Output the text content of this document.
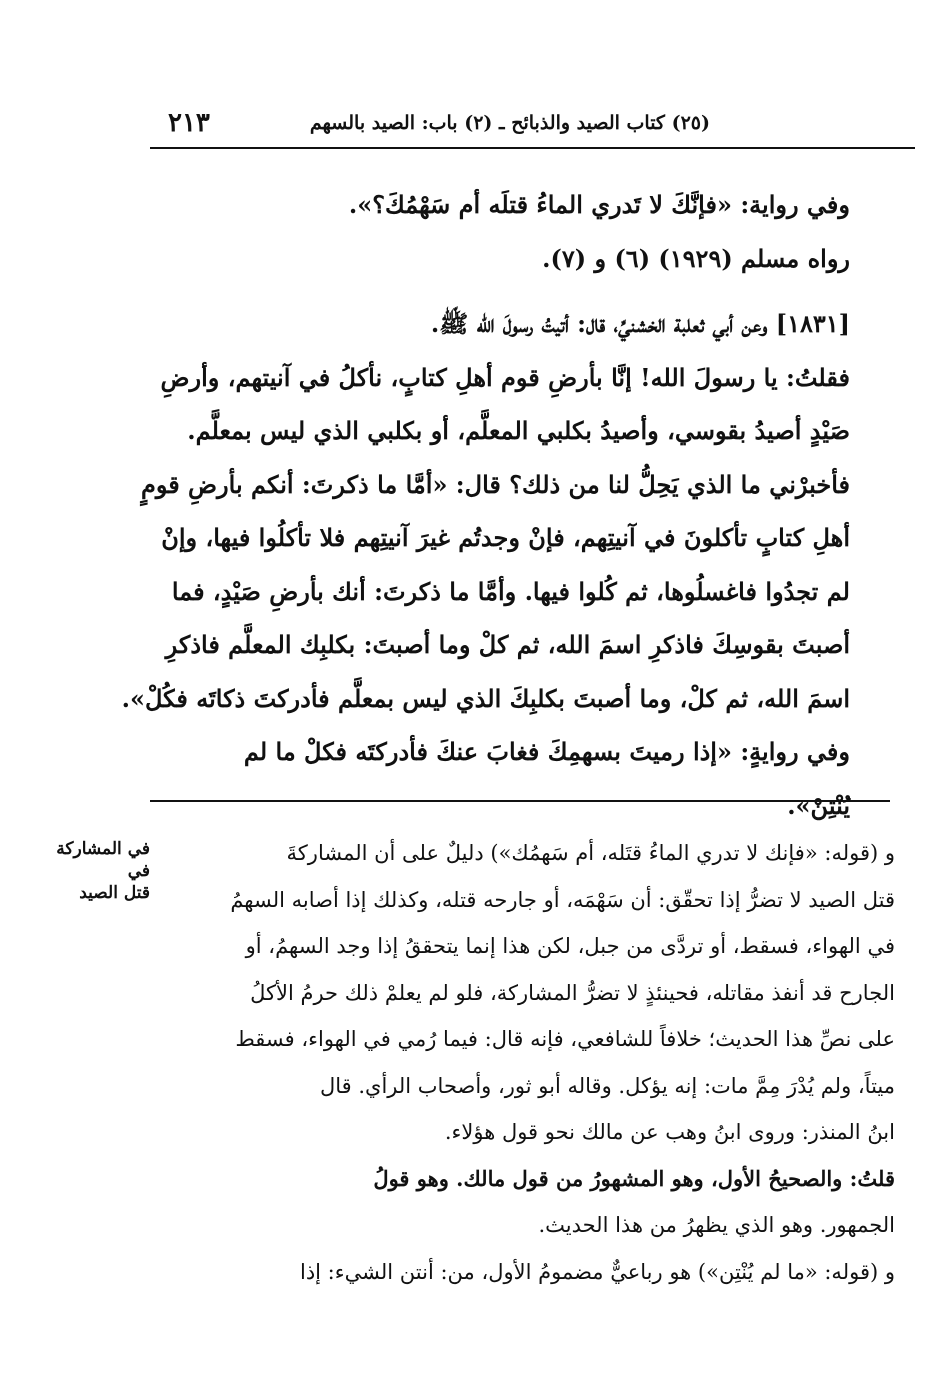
(٢٥) كتاب الصيد والذبائح ـ (٢) باب: الصيد بالسهم
٢١٣

وفي رواية: «فإنَّكَ لا تَدري الماءُ قتلَه أم سَهْمُكَ؟».

رواه مسلم (١٩٢٩) (٦) و (٧).

[١٨٣١] وعن أبي ثعلبة الخشنيِّ، قال: أتيتُ رسولَ الله ﷺ.

فقلتُ: يا رسولَ الله! إنَّا بأرضِ قوم أهلِ كتابٍ، نأكلُ في آنيتهم، وأرضِ

صَيْدٍ أصيدُ بقوسي، وأصيدُ بكلبي المعلَّم، أو بكلبي الذي ليس بمعلَّم.

فأخبرْني ما الذي يَحِلُّ لنا من ذلك؟ قال: «أمَّا ما ذكرتَ: أنكم بأرضِ قومٍ

أهلِ كتابٍ تأكلونَ في آنيتِهم، فإنْ وجدتُم غيرَ آنيتِهم فلا تأكلُوا فيها، وإنْ

لم تجدُوا فاغسلُوها، ثم كُلوا فيها. وأمَّا ما ذكرتَ: أنك بأرضِ صَيْدٍ، فما

أصبتَ بقوسِكَ فاذكرِ اسمَ الله، ثم كلْ وما أصبتَ: بكلبِك المعلَّم فاذكرِ

اسمَ الله، ثم كلْ، وما أصبتَ بكلبِكَ الذي ليس بمعلَّم فأدركتَ ذكاتَه فكُلْ».

وفي روايةٍ: «إذا رميتَ بسهمِكَ فغابَ عنكَ فأدركتَه فكلْ ما لم

يُنْتِنْ».

في المشاركة في
قتل الصيد

و (قوله: «فإنك لا تدري الماءُ قتَله، أم سَهمُك») دليلٌ على أن المشاركةَ

قتل الصيد لا تضرُّ إذا تحقّق: أن سَهْمَه، أو جارحه قتله، وكذلك إذا أصابه السهمُ

في الهواء، فسقط، أو تردَّى من جبل، لكن هذا إنما يتحققُ إذا وجد السهمُ، أو

الجارح قد أنفذ مقاتله، فحينئذٍ لا تضرُّ المشاركة، فلو لم يعلمْ ذلك حرمُ الأكلُ

على نصِّ هذا الحديث؛ خلافاً للشافعي، فإنه قال: فيما رُمي في الهواء، فسقط

ميتاً، ولم يُدْرَ مِمَّ مات: إنه يؤكل. وقاله أبو ثور، وأصحاب الرأي. قال

ابنُ المنذر: وروى ابنُ وهب عن مالك نحو قول هؤلاء.

قلتُ: والصحيحُ الأول، وهو المشهورُ من قول مالك. وهو قولُ

الجمهور. وهو الذي يظهرُ من هذا الحديث.

و (قوله: «ما لم يُنْتِن») هو رباعيٌّ مضمومُ الأول، من: أنتن الشيء: إذا
